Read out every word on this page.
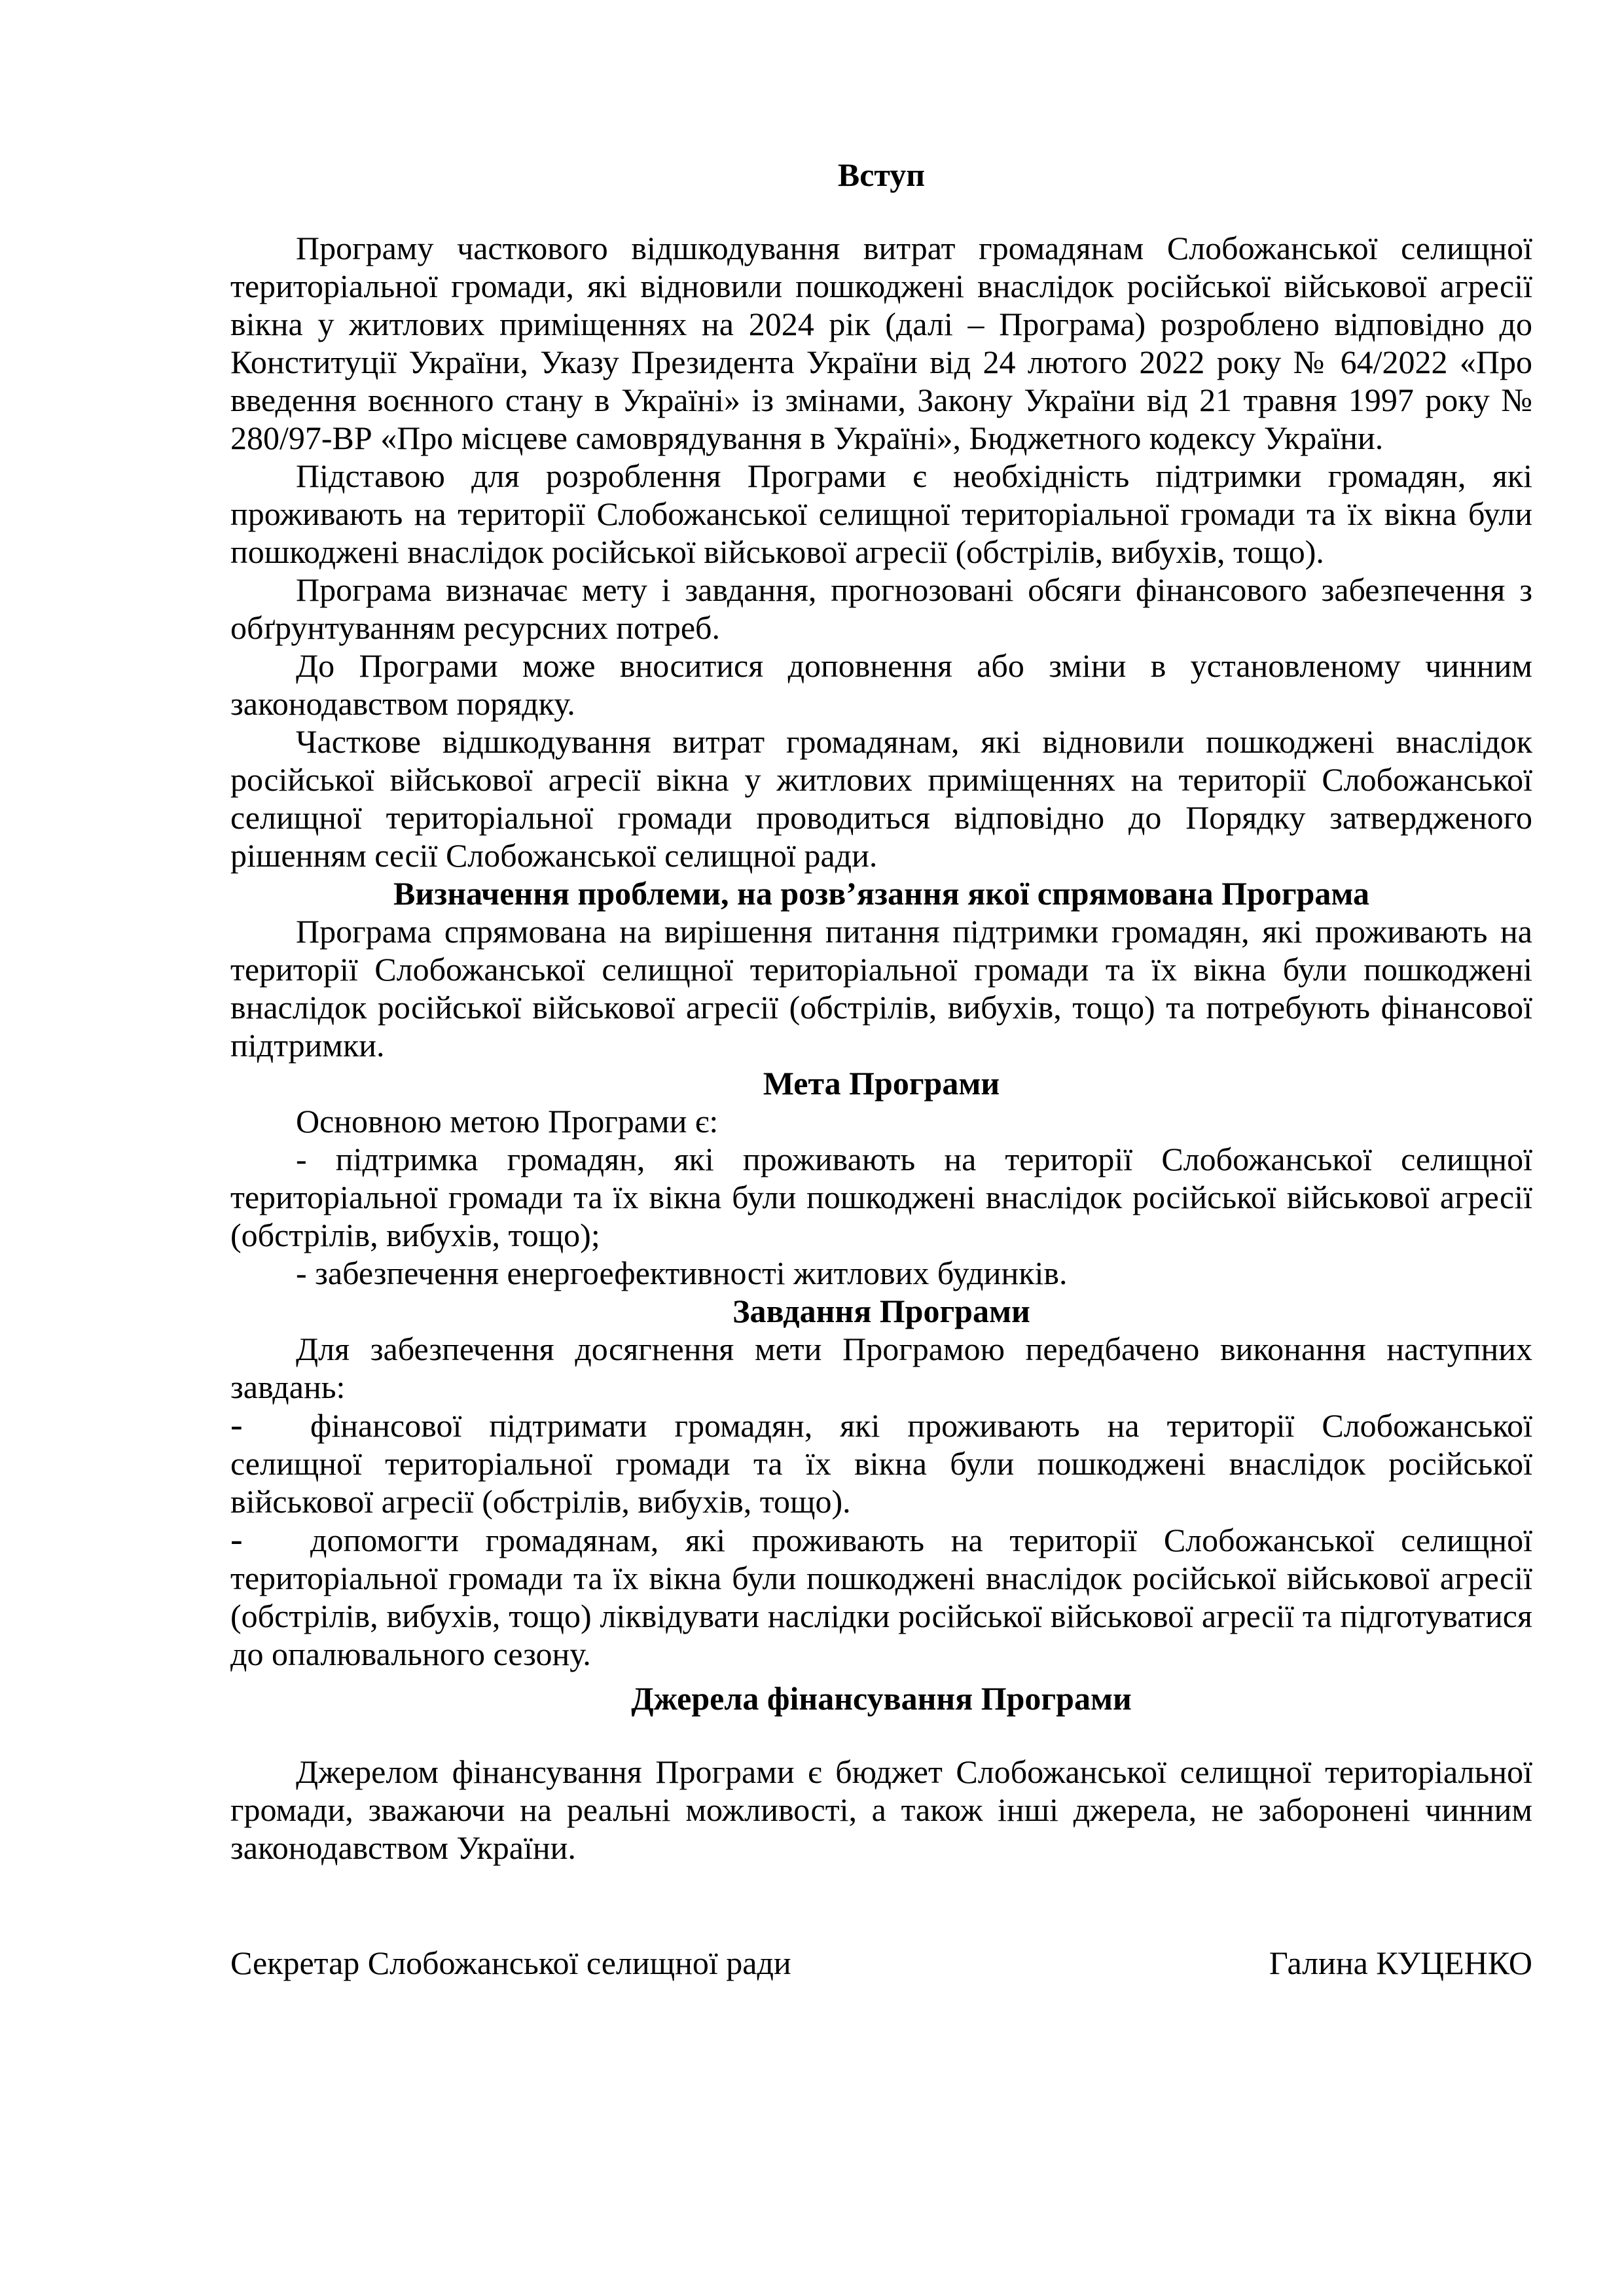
Вступ

Програму часткового відшкодування витрат громадянам Слобожанської селищної територіальної громади, які відновили пошкоджені внаслідок російської військової агресії вікна у житлових приміщеннях на 2024 рік (далі – Програма) розроблено відповідно до Конституції України, Указу Президента України від 24 лютого 2022 року № 64/2022 «Про введення воєнного стану в Україні» із змінами, Закону України від 21 травня 1997 року № 280/97-ВР «Про місцеве самоврядування в Україні», Бюджетного кодексу України.

Підставою для розроблення Програми є необхідність підтримки громадян, які проживають на території Слобожанської селищної територіальної громади та їх вікна були пошкоджені внаслідок російської військової агресії (обстрілів, вибухів, тощо).

Програма визначає мету і завдання, прогнозовані обсяги фінансового забезпечення з обґрунтуванням ресурсних потреб.

До Програми може вноситися доповнення або зміни в установленому чинним законодавством порядку.

Часткове відшкодування витрат громадянам, які відновили пошкоджені внаслідок російської військової агресії вікна у житлових приміщеннях на території Слобожанської селищної територіальної громади проводиться відповідно до Порядку затвердженого рішенням сесії Слобожанської селищної ради.

Визначення проблеми, на розв’язання якої спрямована Програма

Програма спрямована на вирішення питання підтримки громадян, які проживають на території Слобожанської селищної територіальної громади та їх вікна були пошкоджені внаслідок російської військової агресії (обстрілів, вибухів, тощо) та потребують фінансової підтримки.

Мета Програми

Основною метою Програми є:

- підтримка громадян, які проживають на території Слобожанської селищної територіальної громади та їх вікна були пошкоджені внаслідок російської військової агресії (обстрілів, вибухів, тощо);

- забезпечення енергоефективності житлових будинків.

Завдання Програми

Для забезпечення досягнення мети Програмою передбачено виконання наступних завдань:

- фінансової підтримати громадян, які проживають на території Слобожанської селищної територіальної громади та їх вікна були пошкоджені внаслідок російської військової агресії (обстрілів, вибухів, тощо).

- допомогти громадянам, які проживають на території Слобожанської селищної територіальної громади та їх вікна були пошкоджені внаслідок російської військової агресії (обстрілів, вибухів, тощо) ліквідувати наслідки російської військової агресії та підготуватися до опалювального сезону.

Джерела фінансування Програми

Джерелом фінансування Програми є бюджет Слобожанської селищної територіальної громади, зважаючи на реальні можливості, а також інші джерела, не заборонені чинним законодавством України.

Секретар Слобожанської селищної ради	Галина КУЦЕНКО
